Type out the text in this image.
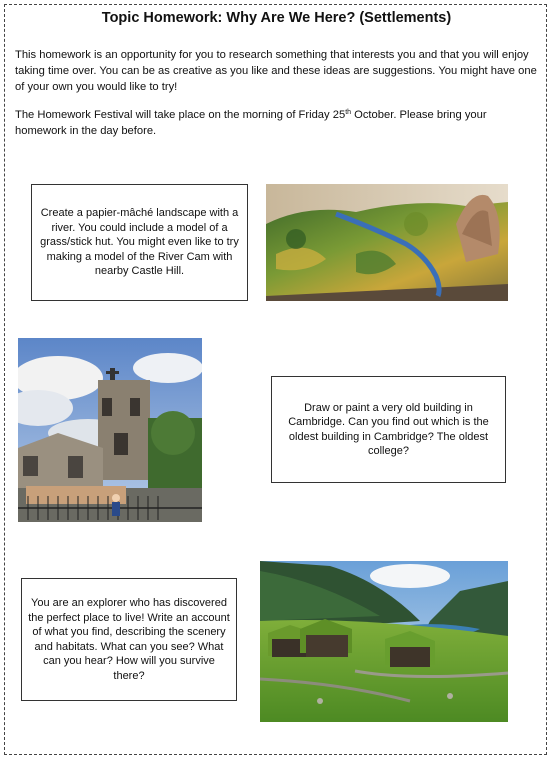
Topic Homework: Why Are We Here? (Settlements)
This homework is an opportunity for you to research something that interests you and that you will enjoy taking time over. You can be as creative as you like and these ideas are suggestions. You might have one of your own you would like to try!
The Homework Festival will take place on the morning of Friday 25th October. Please bring your homework in the day before.
Create a papier-mâché landscape with a river. You could include a model of a grass/stick hut. You might even like to try making a model of the River Cam with nearby Castle Hill.
Draw or paint a very old building in Cambridge. Can you find out which is the oldest building in Cambridge? The oldest college?
You are an explorer who has discovered the perfect place to live! Write an account of what you find, describing the scenery and habitats. What can you see? What can you hear? How will you survive there?
